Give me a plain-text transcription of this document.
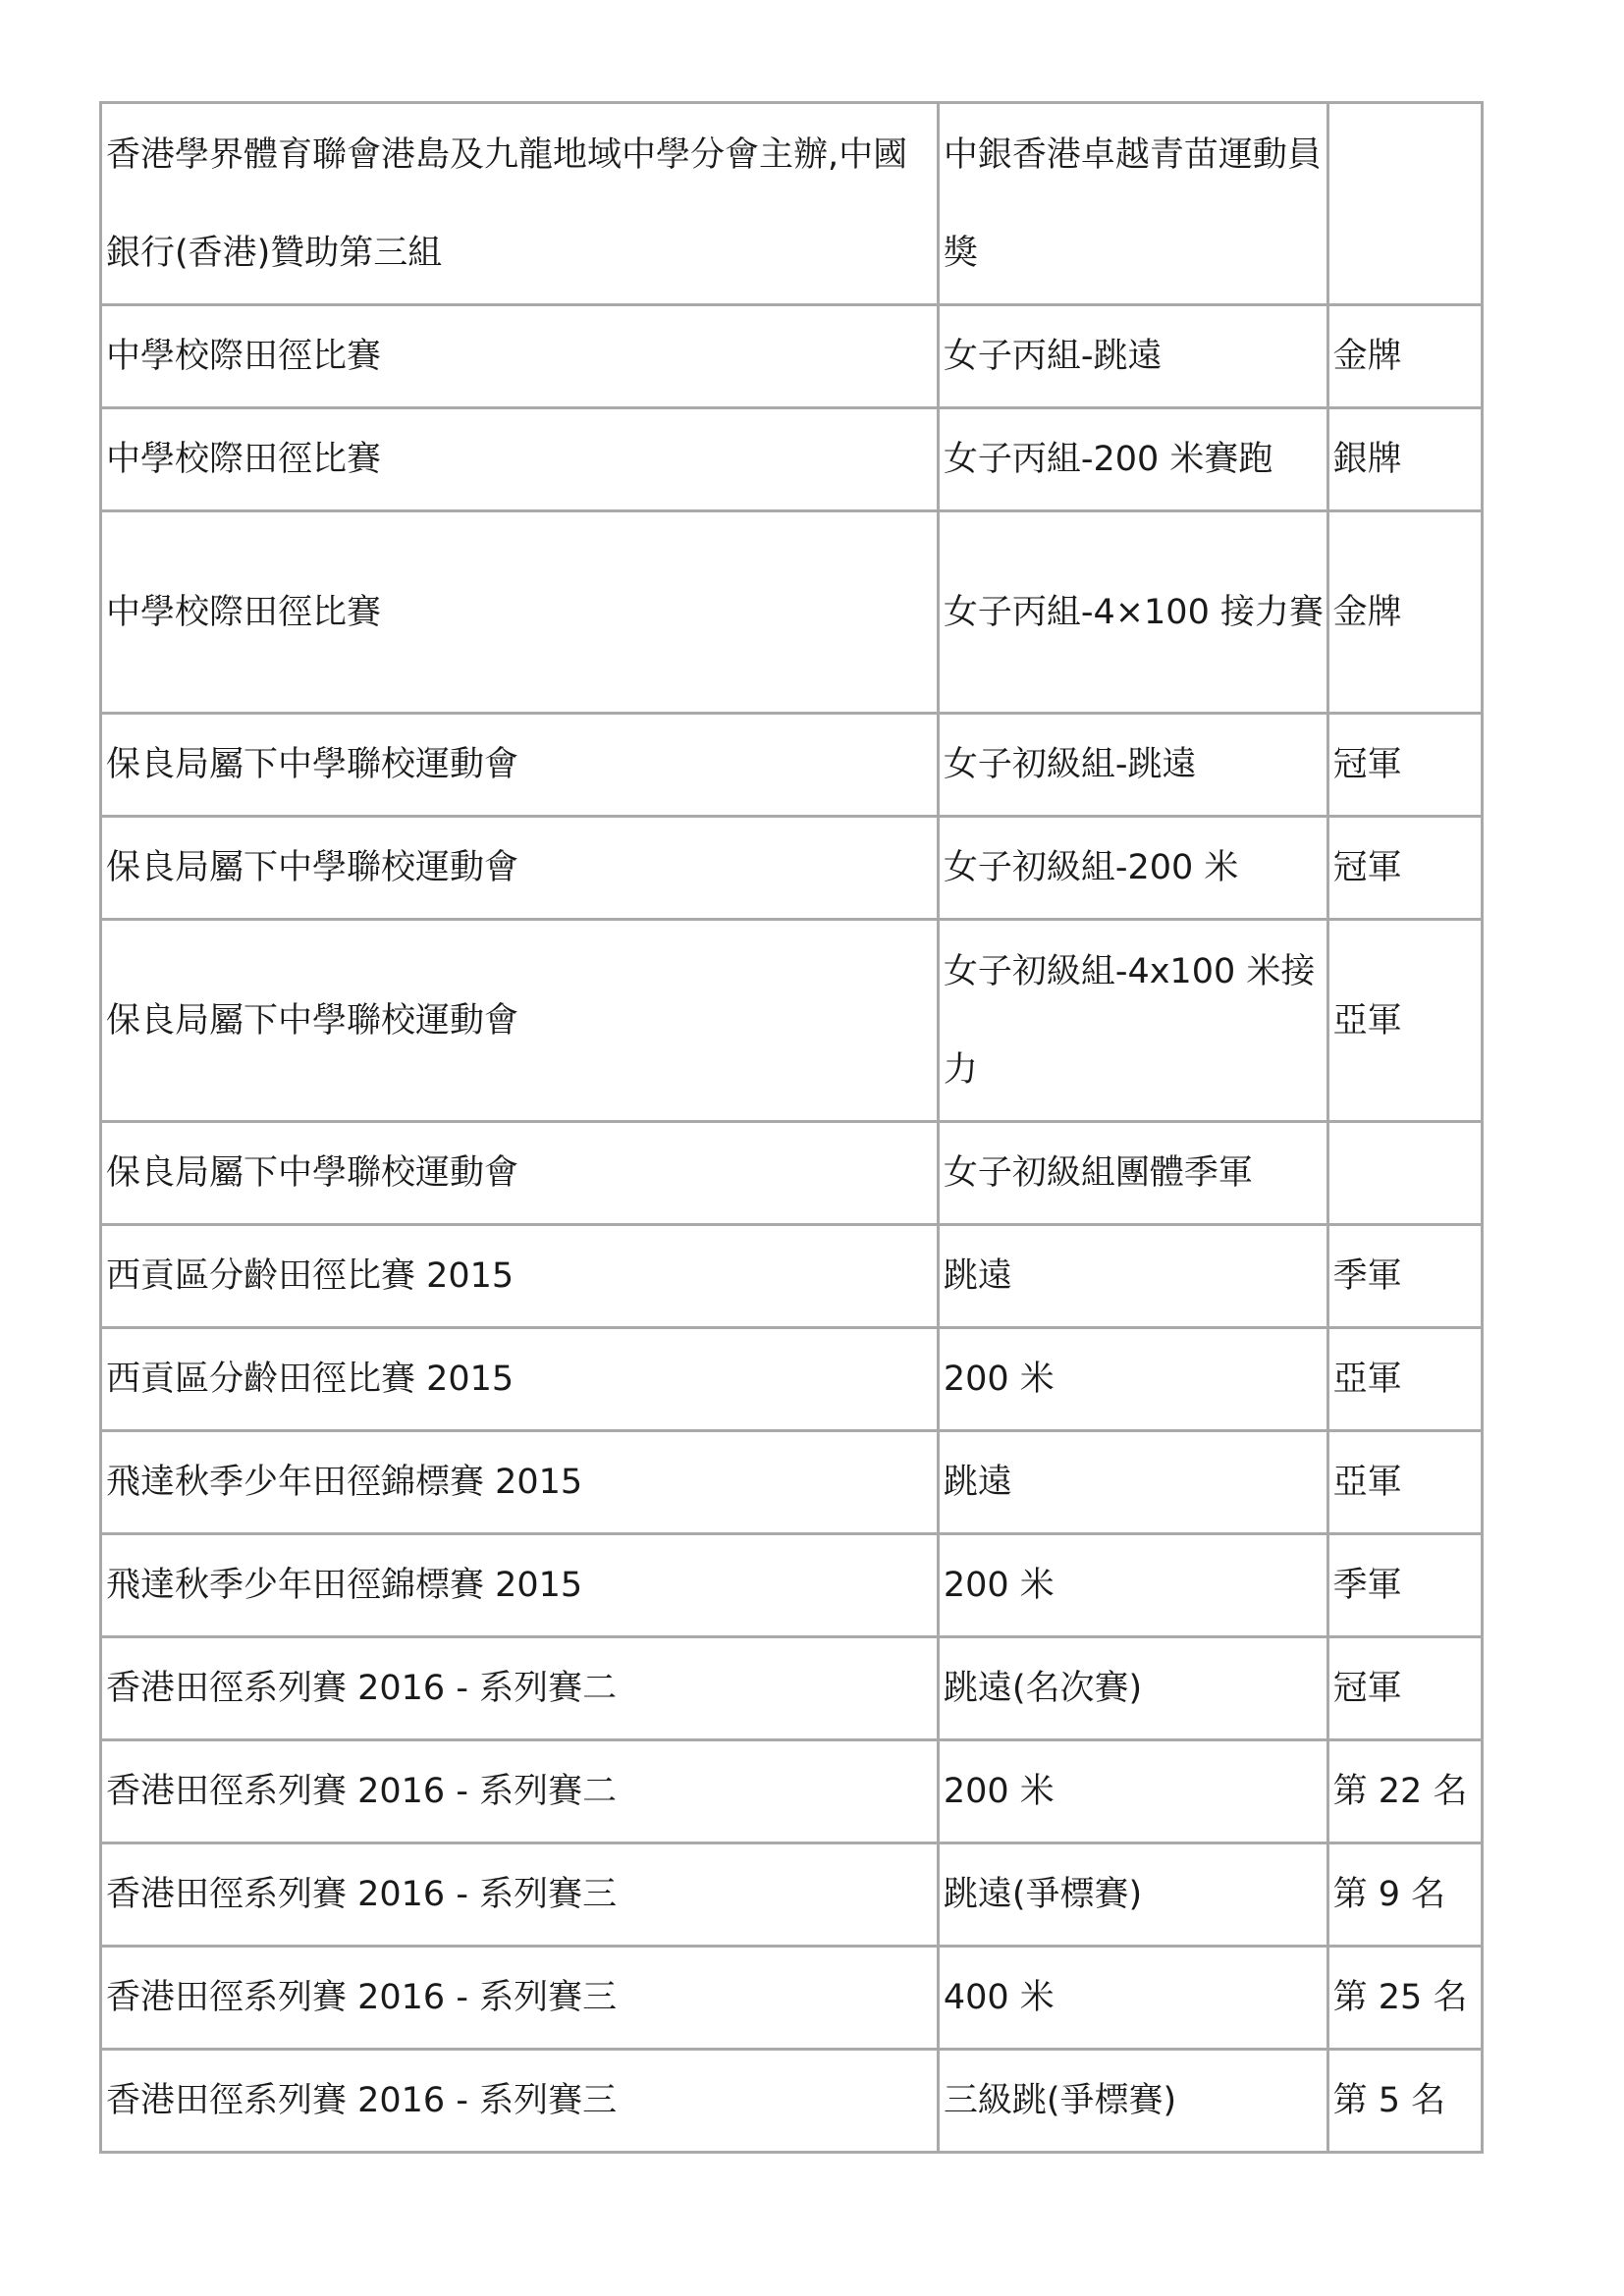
香港學界體育聯會港島及九龍地域中學分會主辦,中國銀行(香港)贊助第三組	中銀香港卓越青苗運動員獎	
中學校際田徑比賽	女子丙組-跳遠	金牌
中學校際田徑比賽	女子丙組-200 米賽跑	銀牌
中學校際田徑比賽	女子丙組-4×100 接力賽	金牌
保良局屬下中學聯校運動會	女子初級組-跳遠	冠軍
保良局屬下中學聯校運動會	女子初級組-200 米	冠軍
保良局屬下中學聯校運動會	女子初級組-4x100 米接力	亞軍
保良局屬下中學聯校運動會	女子初級組團體季軍	
西貢區分齡田徑比賽 2015	跳遠	季軍
西貢區分齡田徑比賽 2015	200 米	亞軍
飛達秋季少年田徑錦標賽 2015	跳遠	亞軍
飛達秋季少年田徑錦標賽 2015	200 米	季軍
香港田徑系列賽 2016 - 系列賽二	跳遠(名次賽)	冠軍
香港田徑系列賽 2016 - 系列賽二	200 米	第 22 名
香港田徑系列賽 2016 - 系列賽三	跳遠(爭標賽)	第 9 名
香港田徑系列賽 2016 - 系列賽三	400 米	第 25 名
香港田徑系列賽 2016 - 系列賽三	三級跳(爭標賽)	第 5 名
